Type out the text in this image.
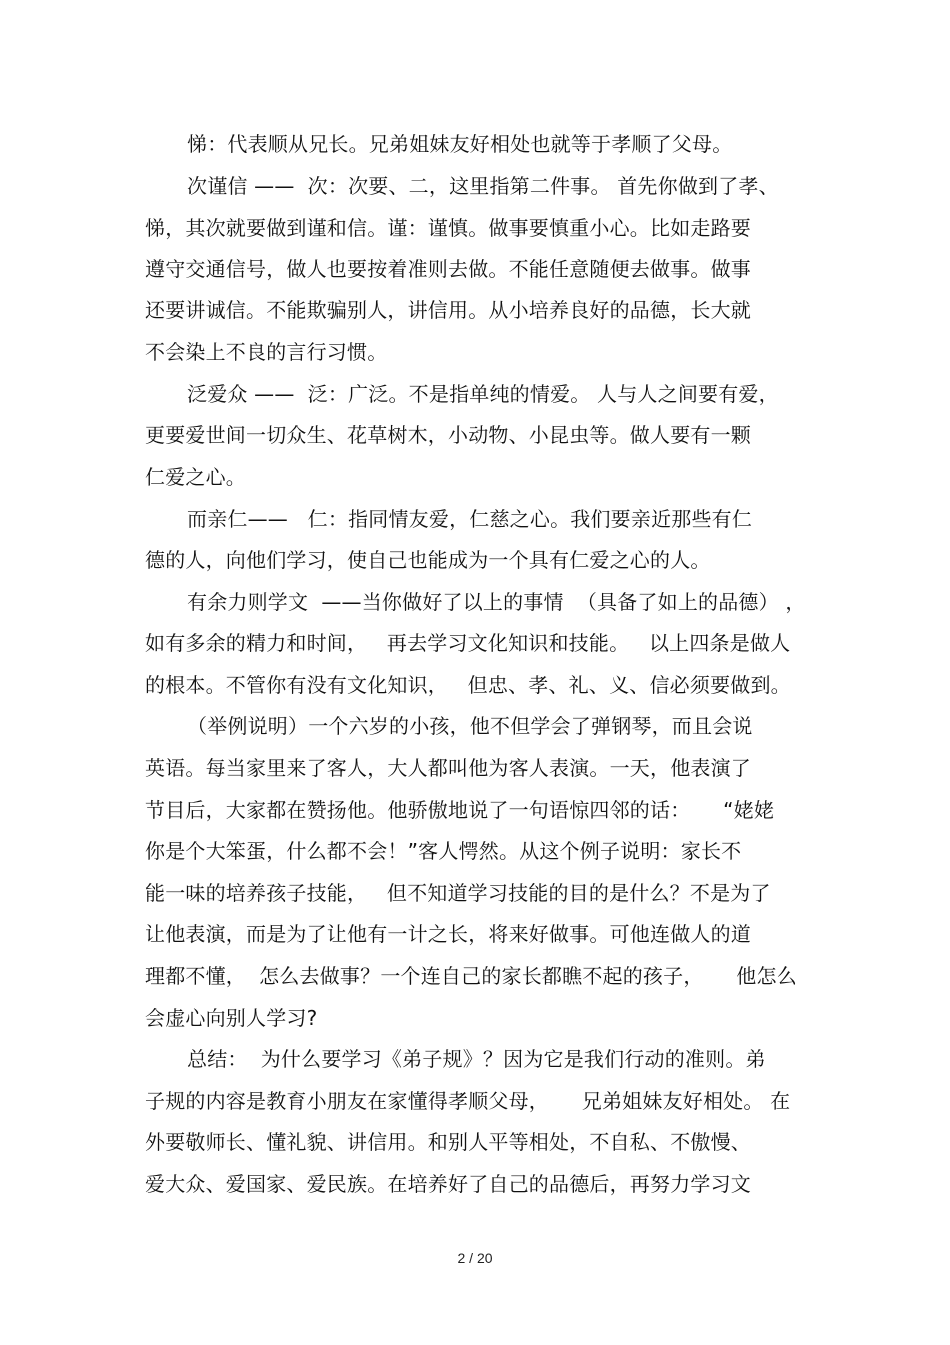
悌：代表顺从兄长。兄弟姐妹友好相处也就等于孝顺了父母。
次谨信 ——  次：次要、二，这里指第二件事。 首先你做到了孝、
悌，其次就要做到谨和信。谨：谨慎。做事要慎重小心。比如走路要
遵守交通信号，做人也要按着准则去做。不能任意随便去做事。做事
还要讲诚信。不能欺骗别人，讲信用。从小培养良好的品德，长大就
不会染上不良的言行习惯。
泛爱众 ——  泛：广泛。不是指单纯的情爱。 人与人之间要有爱，
更要爱世间一切众生、花草树木，小动物、小昆虫等。做人要有一颗
仁爱之心。
而亲仁——   仁：指同情友爱，仁慈之心。我们要亲近那些有仁
德的人，向他们学习，使自己也能成为一个具有仁爱之心的人。
有余力则学文  ——当你做好了以上的事情  （具备了如上的品德） ，
如有多余的精力和时间，   再去学习文化知识和技能。   以上四条是做人
的根本。不管你有没有文化知识，   但忠、孝、礼、义、信必须要做到。
（举例说明）一个六岁的小孩，他不但学会了弹钢琴，而且会说
英语。每当家里来了客人，大人都叫他为客人表演。一天，他表演了
节目后，大家都在赞扬他。他骄傲地说了一句语惊四邻的话：     “姥姥
你是个大笨蛋，什么都不会！”客人愕然。从这个例子说明：家长不
能一味的培养孩子技能，   但不知道学习技能的目的是什么？不是为了
让他表演，而是为了让他有一计之长，将来好做事。可他连做人的道
理都不懂，  怎么去做事？一个连自己的家长都瞧不起的孩子，     他怎么
会虚心向别人学习?
总结：  为什么要学习《弟子规》？因为它是我们行动的准则。弟
子规的内容是教育小朋友在家懂得孝顺父母，     兄弟姐妹友好相处。 在
外要敬师长、懂礼貌、讲信用。和别人平等相处，不自私、不傲慢、
爱大众、爱国家、爱民族。在培养好了自己的品德后，再努力学习文
2 / 20
